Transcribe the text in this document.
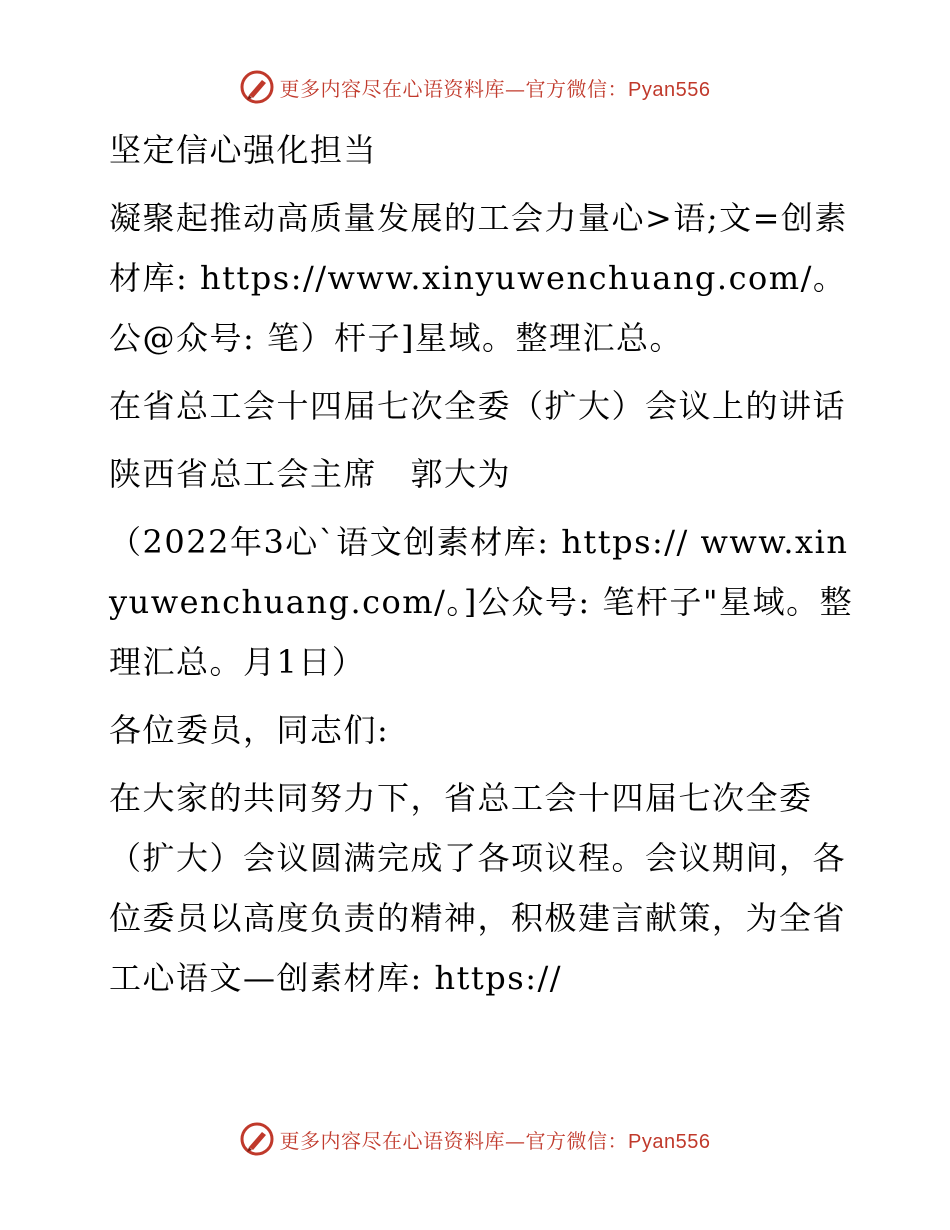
更多内容尽在心语资料库—官方微信：Pyan556

坚定信心强化担当

凝聚起推动高质量发展的工会力量心>语;文=创素材库: https://www.xinyuwenchuang.com/。公@众号: 笔）杆子]星域。整理汇总。

在省总工会十四届七次全委（扩大）会议上的讲话

陕西省总工会主席　郭大为

（2022年3心`语文创素材库: https:// www.xinyuwenchuang.com/。]公众号: 笔杆子"星域。整理汇总。月1日）

各位委员，同志们:

在大家的共同努力下，省总工会十四届七次全委（扩大）会议圆满完成了各项议程。会议期间，各位委员以高度负责的精神，积极建言献策，为全省工心语文—创素材库: https://

更多内容尽在心语资料库—官方微信：Pyan556
